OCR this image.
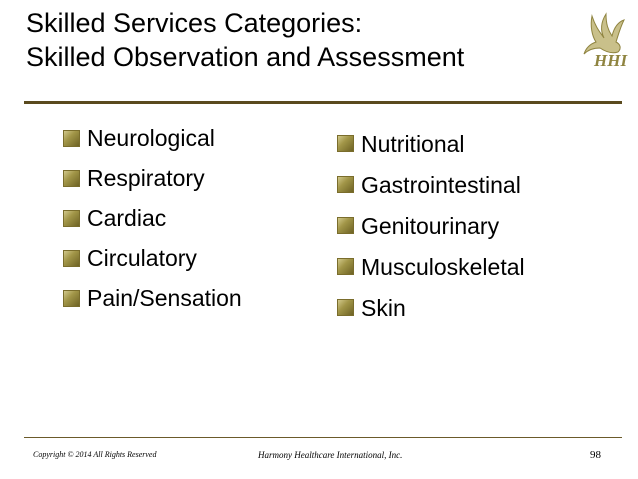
Skilled Services Categories:
Skilled Observation and Assessment	HHI
Neurological
Respiratory
Cardiac
Circulatory
Pain/Sensation
Nutritional
Gastrointestinal
Genitourinary
Musculoskeletal
Skin
Copyright © 2014 All Rights Reserved	Harmony Healthcare International, Inc.	98
